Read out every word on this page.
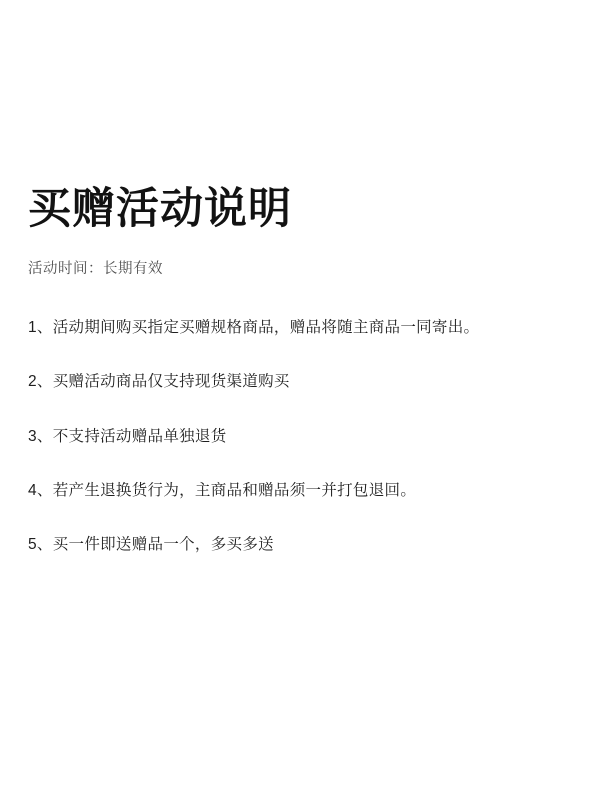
买赠活动说明
活动时间：长期有效
1、活动期间购买指定买赠规格商品，赠品将随主商品一同寄出。
2、买赠活动商品仅支持现货渠道购买
3、不支持活动赠品单独退货
4、若产生退换货行为，主商品和赠品须一并打包退回。
5、买一件即送赠品一个，多买多送
